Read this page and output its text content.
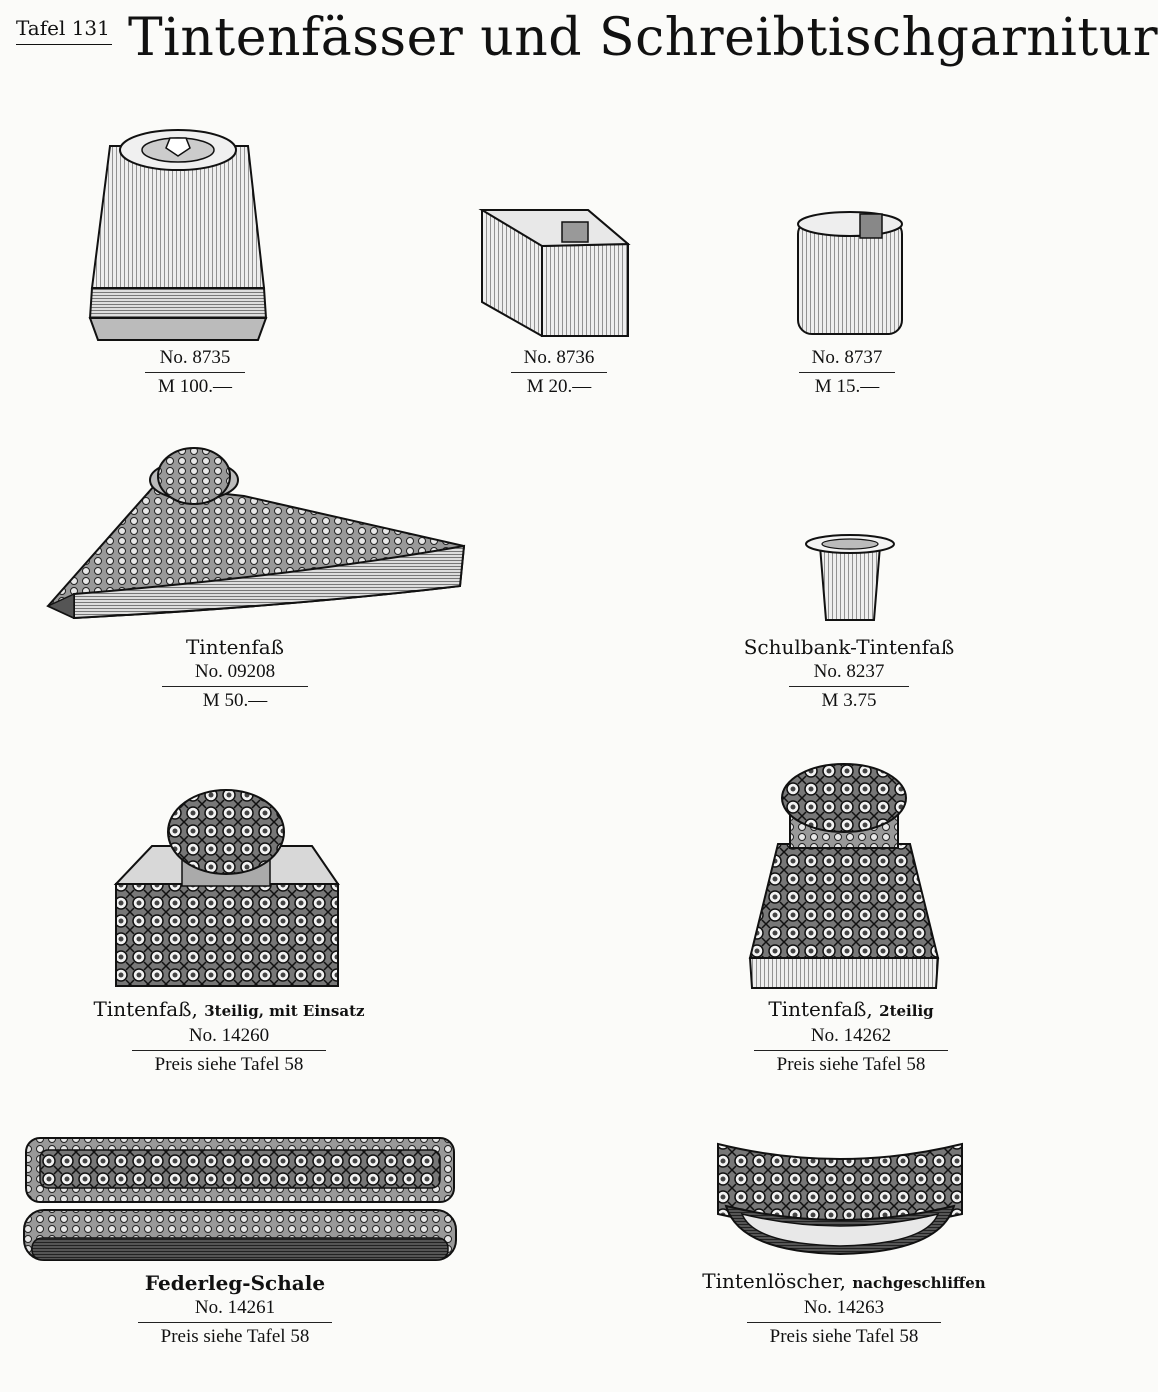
Tafel 131 Tintenfässer und Schreibtischgarnitur
No. 8735
M 100.—
No. 8736
M 20.—
No. 8737
M 15.—
Tintenfaß
No. 09208
M 50.—
Schulbank-Tintenfaß
No. 8237
M 3.75
Tintenfaß, 3teilig, mit Einsatz
No. 14260
Preis siehe Tafel 58
Tintenfaß, 2teilig
No. 14262
Preis siehe Tafel 58
Federleg-Schale
No. 14261
Preis siehe Tafel 58
Tintenlöscher, nachgeschliffen
No. 14263
Preis siehe Tafel 58
